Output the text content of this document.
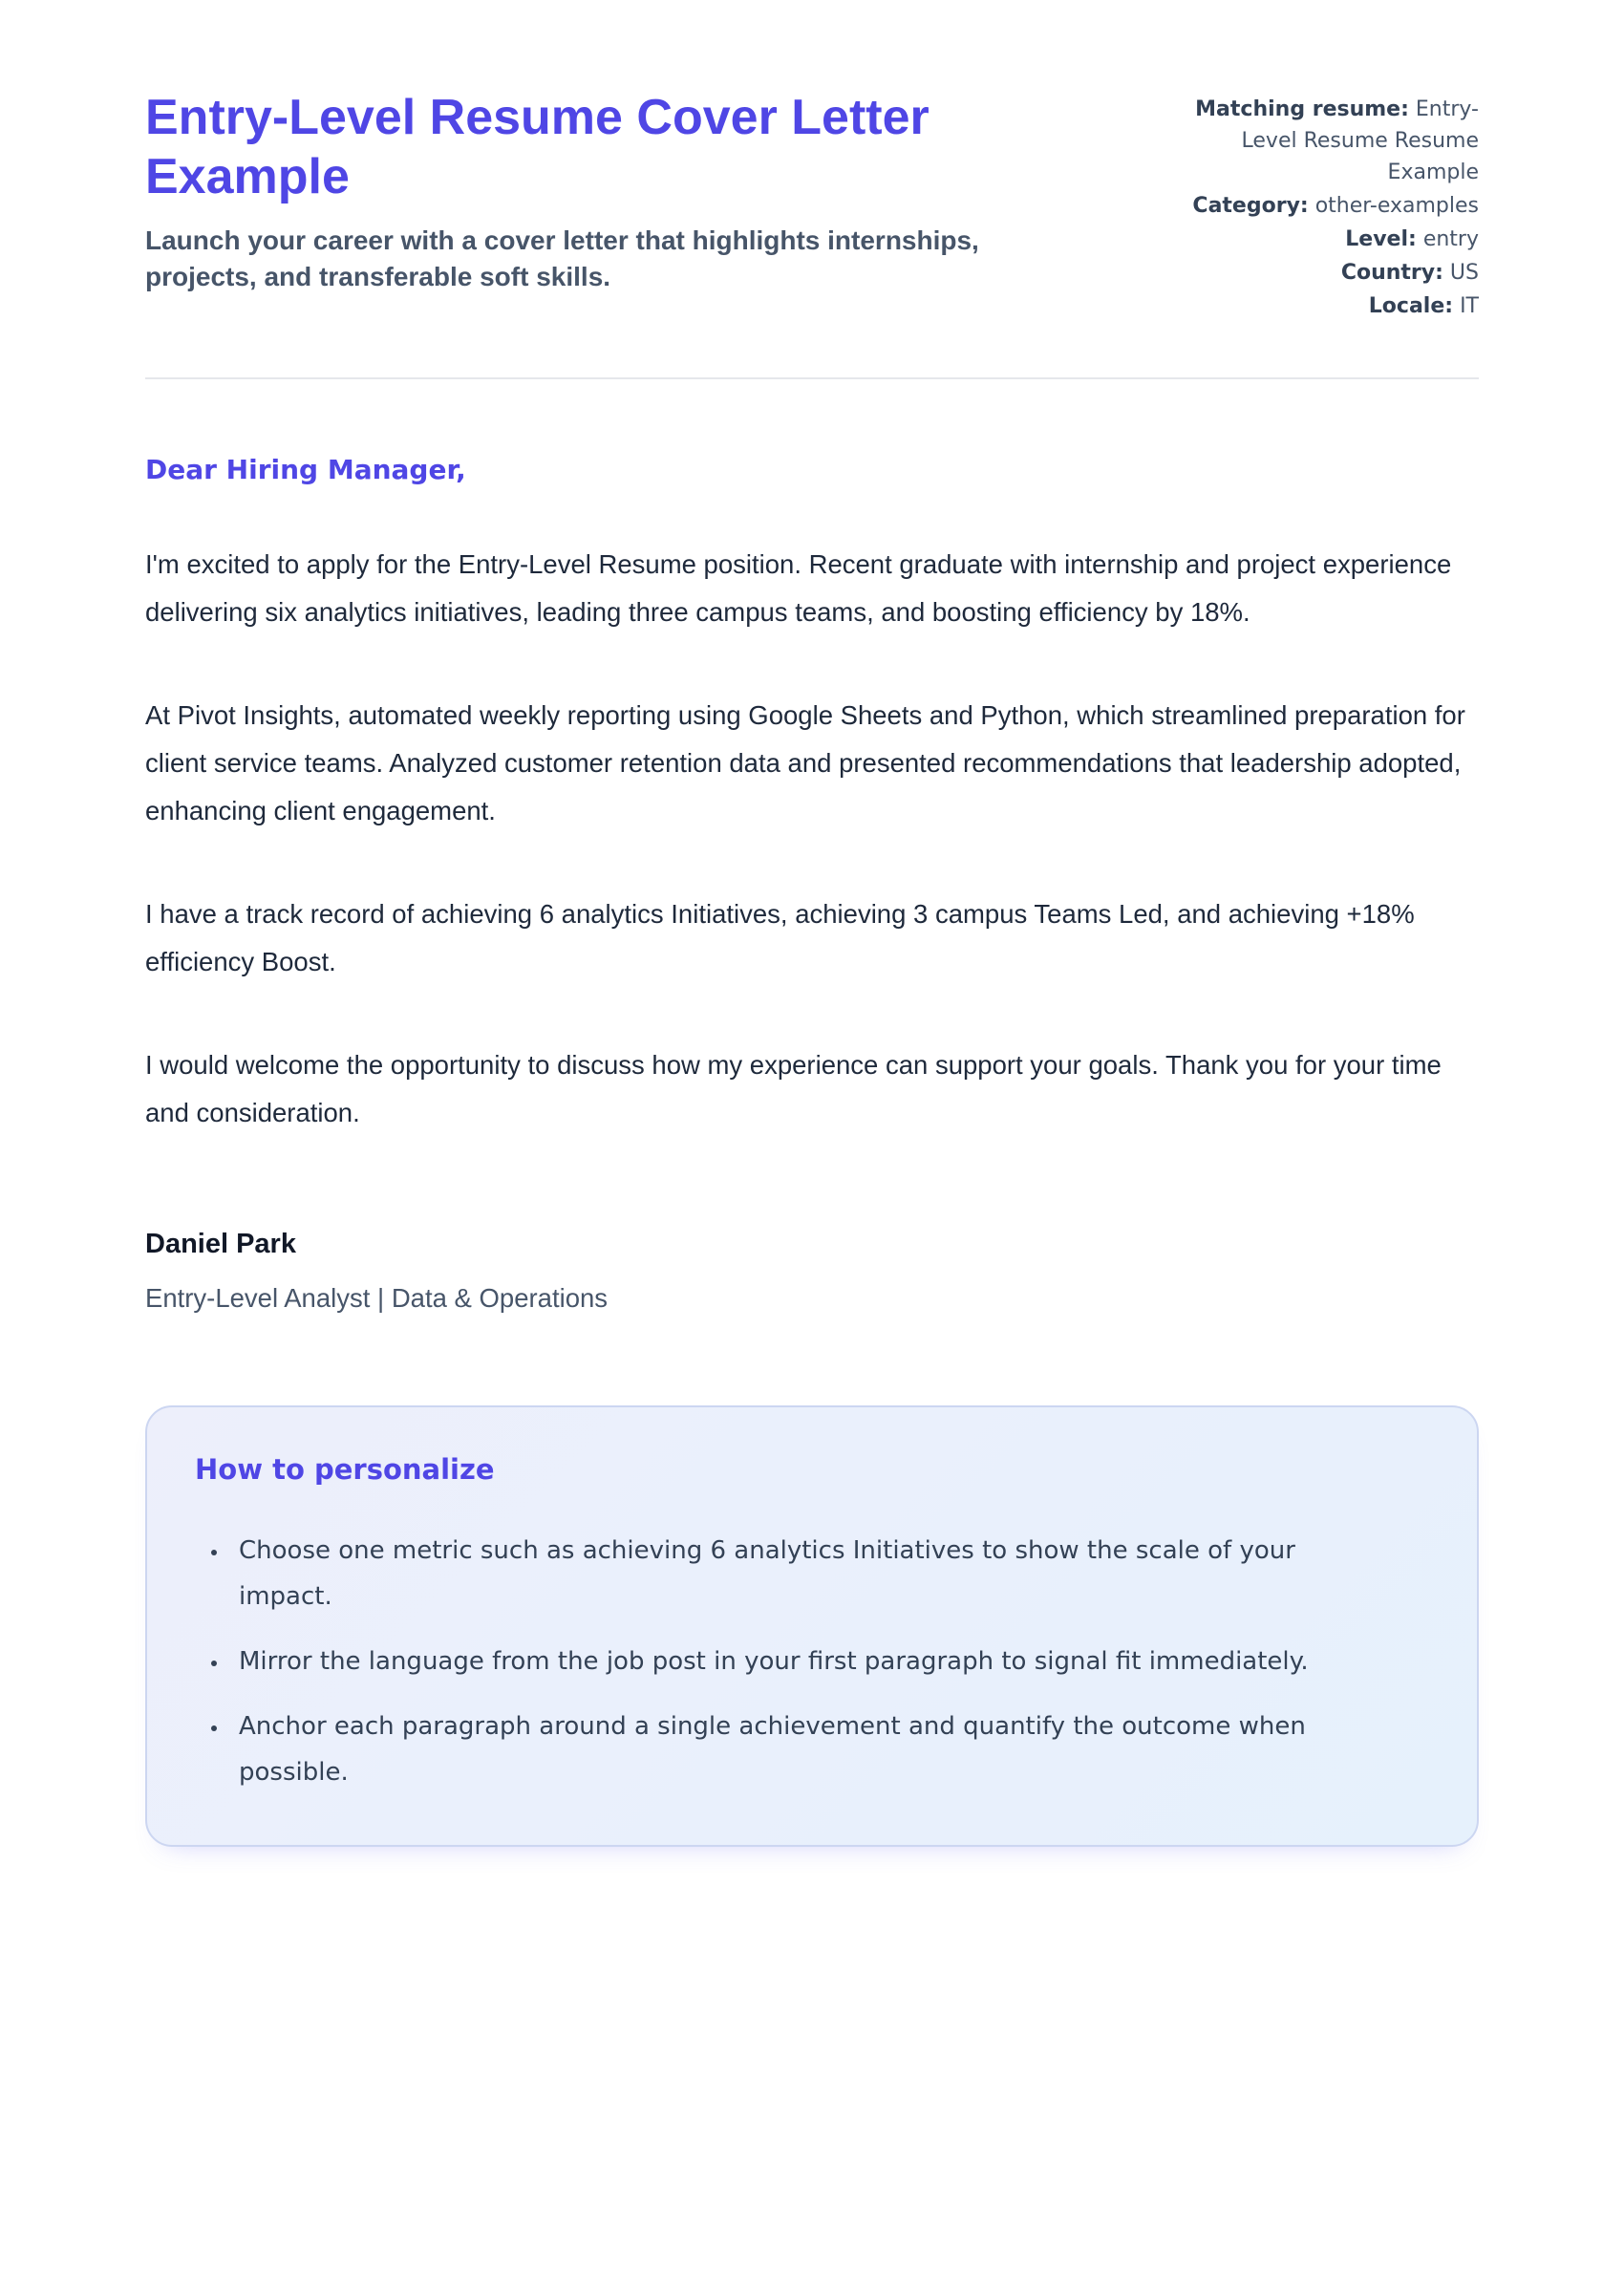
Entry-Level Resume Cover Letter Example
Launch your career with a cover letter that highlights internships, projects, and transferable soft skills.
Matching resume: Entry-Level Resume Resume Example
Category: other-examples
Level: entry
Country: US
Locale: IT
Dear Hiring Manager,

I'm excited to apply for the Entry-Level Resume position. Recent graduate with internship and project experience delivering six analytics initiatives, leading three campus teams, and boosting efficiency by 18%.

At Pivot Insights, automated weekly reporting using Google Sheets and Python, which streamlined preparation for client service teams. Analyzed customer retention data and presented recommendations that leadership adopted, enhancing client engagement.

I have a track record of achieving 6 analytics Initiatives, achieving 3 campus Teams Led, and achieving +18% efficiency Boost.

I would welcome the opportunity to discuss how my experience can support your goals. Thank you for your time and consideration.

Daniel Park
Entry-Level Analyst | Data & Operations
How to personalize
• Choose one metric such as achieving 6 analytics Initiatives to show the scale of your impact.
• Mirror the language from the job post in your first paragraph to signal fit immediately.
• Anchor each paragraph around a single achievement and quantify the outcome when possible.
